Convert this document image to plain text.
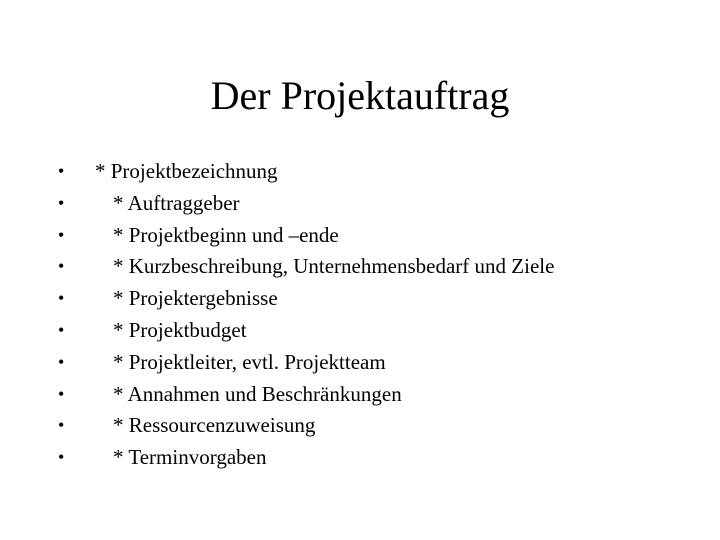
Der Projektauftrag
•	* Projektbezeichnung
•	* Auftraggeber
•	* Projektbeginn und –ende
•	* Kurzbeschreibung, Unternehmensbedarf und Ziele
•	* Projektergebnisse
•	* Projektbudget
•	* Projektleiter, evtl. Projektteam
•	* Annahmen und Beschränkungen
•	* Ressourcenzuweisung
•	* Terminvorgaben
